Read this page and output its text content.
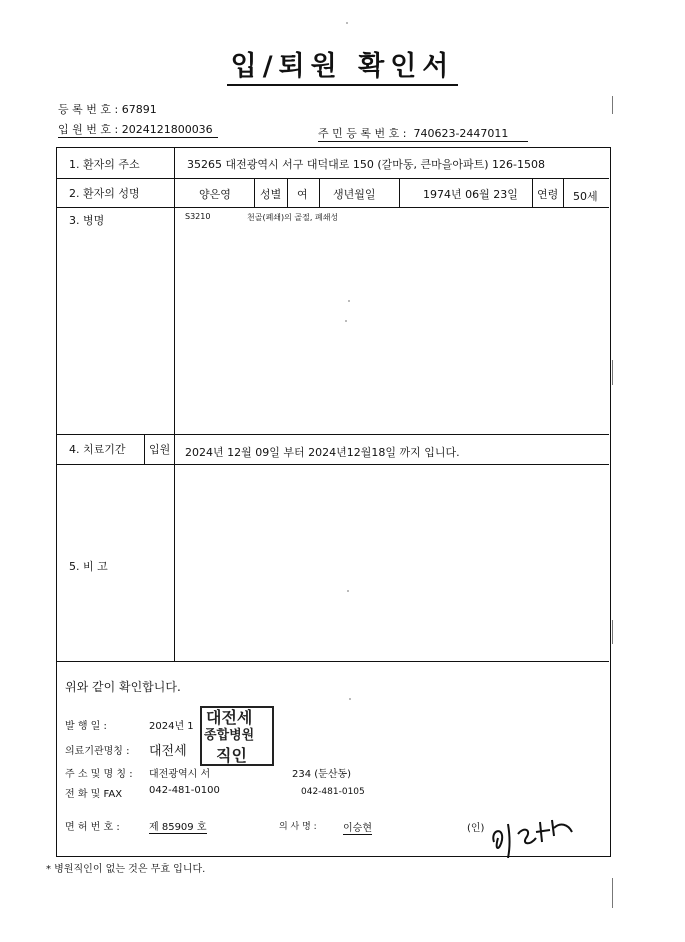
입/퇴원 확인서
등 록 번 호 : 67891
입 원 번 호 : 2024121800036	주 민 등 록 번 호 : 740623-2447011
1. 환자의 주소	35265 대전광역시 서구 대덕대로 150 (갈마동, 큰마을아파트) 126-1508
2. 환자의 성명	양은영	성별 여 생년월일	1974년 06월 23일 연령 50세
3. 병명	S3210	천골(폐쇄)의 골절, 폐쇄성
4. 치료기간 입원 2024년 12월 09일 부터 2024년12월18일 까지 입니다.
5. 비 고
위와 같이 확인합니다.
발 행 일 :	2024년 1
의료기관명칭 : 대전세
주 소 및 명 칭 : 대전광역시 서	234 (둔산동)
전 화 및 FAX	042-481-0100	042-481-0105
면 허 번 호 :	제 85909 호	의 사 명 :	이승현	(인)
대전세
종합병원
직인
* 병원직인이 없는 것은 무효 입니다.
